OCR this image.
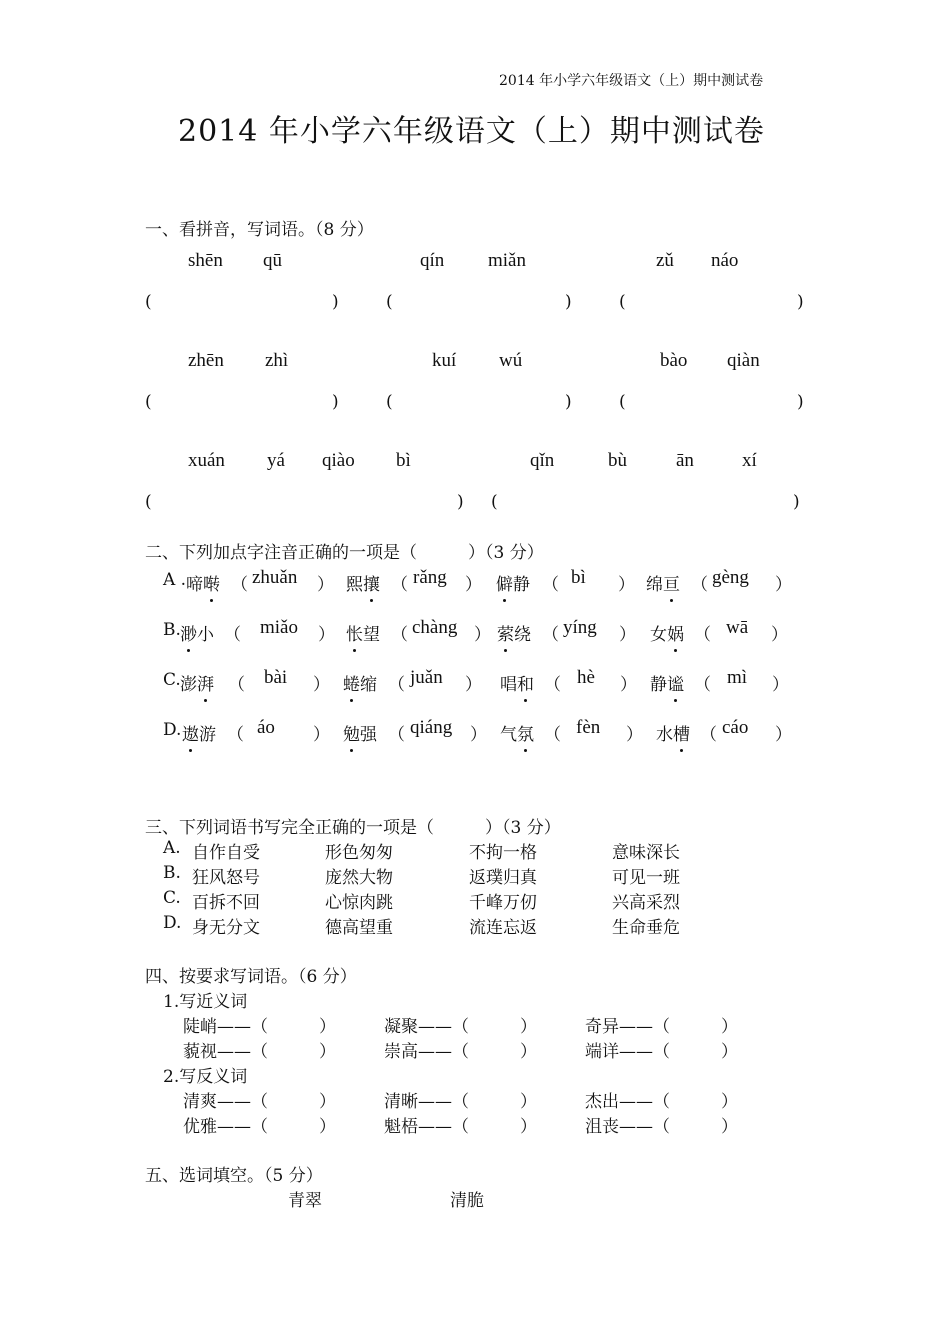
2014 年小学六年级语文（上）期中测试卷
2014 年小学六年级语文（上）期中测试卷
一、看拼音，写词语。（8 分）
shēn qū	qín miǎn	zǔ náo
(	)	(	)	(	)
zhēn zhì	kuí wú	bào qiàn
(	)	(	)	(	)
xuán yá qiào bì	qǐn	bù	ān	xí
(	) (	)
二、下列加点字注音正确的一项是（　　　）（3 分）
A . 啼啭 （ zhuǎn ） 熙攘 （ rǎng ） 僻静 （ bì ） 绵亘 （ gèng ）
B. 渺小 （ miǎo ） 怅望 （ chàng ） 萦绕 （ yíng ） 女娲 （ wā ）
C. 澎湃 （ bài ） 蜷缩 （ juǎn ） 唱和 （ hè ） 静谧 （ mì ）
D. 遨游 （ áo ） 勉强 （ qiáng ） 气氛 （ fèn ） 水槽 （ cáo ）
三、下列词语书写完全正确的一项是（　　　）（3 分）
A. 自作自受	形色匆匆	不拘一格	意味深长
B. 狂风怒号	庞然大物	返璞归真	可见一班
C. 百拆不回	心惊肉跳	千峰万仞	兴高采烈
D. 身无分文	德高望重	流连忘返	生命垂危
四、按要求写词语。（6 分）
1.写近义词
陡峭——（　　　）	凝聚——（　　　）	奇异——（　　　）
藐视——（　　　）	崇高——（　　　）	端详——（　　　）
2.写反义词
清爽——（　　　）	清晰——（　　　）	杰出——（　　　）
优雅——（　　　）	魁梧——（　　　）	沮丧——（　　　）
五、选词填空。（5 分）
青翠	清脆
